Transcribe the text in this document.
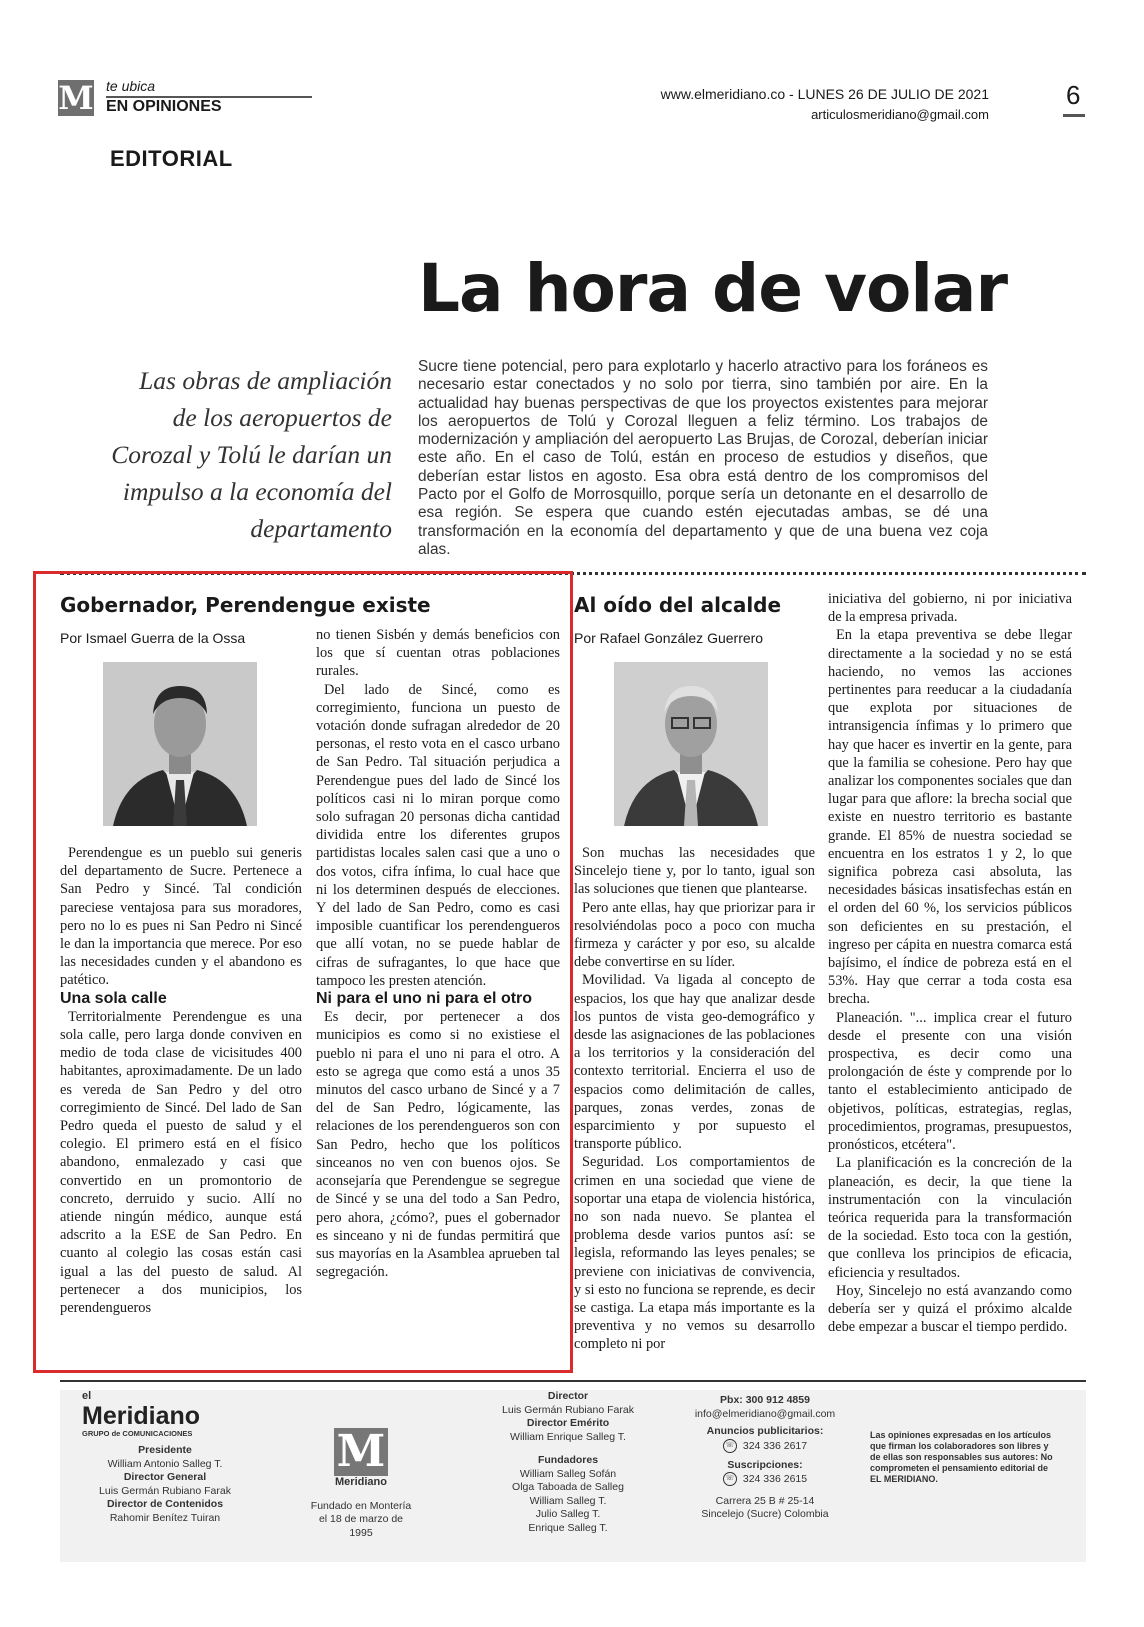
M te ubica
EN OPINIONES
EDITORIAL
www.elmeridiano.co - LUNES 26 DE JULIO DE 2021
articulosmeridiano@gmail.com
6
La hora de volar
Las obras de ampliación de los aeropuertos de Corozal y Tolú le darían un impulso a la economía del departamento
Sucre tiene potencial, pero para explotarlo y hacerlo atractivo para los foráneos es necesario estar conectados y no solo por tierra, sino también por aire. En la actualidad hay buenas perspectivas de que los proyectos existentes para mejorar los aeropuertos de Tolú y Corozal lleguen a feliz término. Los trabajos de modernización y ampliación del aeropuerto Las Brujas, de Corozal, deberían iniciar este año. En el caso de Tolú, están en proceso de estudios y diseños, que deberían estar listos en agosto. Esa obra está dentro de los compromisos del Pacto por el Golfo de Morrosquillo, porque sería un detonante en el desarrollo de esa región. Se espera que cuando estén ejecutadas ambas, se dé una transformación en la economía del departamento y que de una buena vez coja alas.
Gobernador, Perendengue existe
Por Ismael Guerra de la Ossa

Perendengue es un pueblo sui generis del departamento de Sucre. Pertenece a San Pedro y Sincé. Tal condición pareciese ventajosa para sus moradores, pero no lo es pues ni San Pedro ni Sincé le dan la importancia que merece. Por eso las necesidades cunden y el abandono es patético.

Una sola calle

Territorialmente Perendengue es una sola calle, pero larga donde conviven en medio de toda clase de vicisitudes 400 habitantes, aproximadamente. De un lado es vereda de San Pedro y del otro corregimiento de Sincé. Del lado de San Pedro queda el puesto de salud y el colegio. El primero está en el físico abandono, enmalezado y casi que convertido en un promontorio de concreto, derruido y sucio. Allí no atiende ningún médico, aunque está adscrito a la ESE de San Pedro. En cuanto al colegio las cosas están casi igual a las del puesto de salud. Al pertenecer a dos municipios, los perendengueros

no tienen Sisbén y demás beneficios con los que sí cuentan otras poblaciones rurales.

Del lado de Sincé, como es corregimiento, funciona un puesto de votación donde sufragan alrededor de 20 personas, el resto vota en el casco urbano de San Pedro. Tal situación perjudica a Perendengue pues del lado de Sincé los políticos casi ni lo miran porque como solo sufragan 20 personas dicha cantidad dividida entre los diferentes grupos partidistas locales salen casi que a uno o dos votos, cifra ínfima, lo cual hace que ni los determinen después de elecciones. Y del lado de San Pedro, como es casi imposible cuantificar los perendengueros que allí votan, no se puede hablar de cifras de sufragantes, lo que hace que tampoco les presten atención.

Ni para el uno ni para el otro

Es decir, por pertenecer a dos municipios es como si no existiese el pueblo ni para el uno ni para el otro. A esto se agrega que como está a unos 35 minutos del casco urbano de Sincé y a 7 del de San Pedro, lógicamente, las relaciones de los perendengueros son con San Pedro, hecho que los políticos sinceanos no ven con buenos ojos. Se aconsejaría que Perendengue se segregue de Sincé y se una del todo a San Pedro, pero ahora, ¿cómo?, pues el gobernador es sinceano y ni de fundas permitirá que sus mayorías en la Asamblea aprueben tal segregación.

Al oído del alcalde
Por Rafael González Guerrero

Son muchas las necesidades que Sincelejo tiene y, por lo tanto, igual son las soluciones que tienen que plantearse.

Pero ante ellas, hay que priorizar para ir resolviéndolas poco a poco con mucha firmeza y carácter y por eso, su alcalde debe convertirse en su líder.

Movilidad. Va ligada al concepto de espacios, los que hay que analizar desde los puntos de vista geo-demográfico y desde las asignaciones de las poblaciones a los territorios y la consideración del contexto territorial. Encierra el uso de espacios como delimitación de calles, parques, zonas verdes, zonas de esparcimiento y por supuesto el transporte público.

Seguridad. Los comportamientos de crimen en una sociedad que viene de soportar una etapa de violencia histórica, no son nada nuevo. Se plantea el problema desde varios puntos así: se legisla, reformando las leyes penales; se previene con iniciativas de convivencia, y si esto no funciona se reprende, es decir se castiga. La etapa más importante es la preventiva y no vemos su desarrollo completo ni por

iniciativa del gobierno, ni por iniciativa de la empresa privada.

En la etapa preventiva se debe llegar directamente a la sociedad y no se está haciendo, no vemos las acciones pertinentes para reeducar a la ciudadanía que explota por situaciones de intransigencia ínfimas y lo primero que hay que hacer es invertir en la gente, para que la familia se cohesione. Pero hay que analizar los componentes sociales que dan lugar para que aflore: la brecha social que existe en nuestro territorio es bastante grande. El 85% de nuestra sociedad se encuentra en los estratos 1 y 2, lo que significa pobreza casi absoluta, las necesidades básicas insatisfechas están en el orden del 60 %, los servicios públicos son deficientes en su prestación, el ingreso per cápita en nuestra comarca está bajísimo, el índice de pobreza está en el 53%. Hay que cerrar a toda costa esa brecha.

Planeación. "... implica crear el futuro desde el presente con una visión prospectiva, es decir como una prolongación de éste y comprende por lo tanto el establecimiento anticipado de objetivos, políticas, estrategias, reglas, procedimientos, programas, presupuestos, pronósticos, etcétera".

La planificación es la concreción de la planeación, es decir, la que tiene la instrumentación con la vinculación teórica requerida para la transformación de la sociedad. Esto toca con la gestión, que conlleva los principios de eficacia, eficiencia y resultados.

Hoy, Sincelejo no está avanzando como debería ser y quizá el próximo alcalde debe empezar a buscar el tiempo perdido.

el
Meridiano
GRUPO de COMUNICACIONES
Presidente
William Antonio Salleg T.
Director General
Luis Germán Rubiano Farak
Director de Contenidos
Rahomir Benítez Tuiran
M
Meridiano
Fundado en Montería
el 18 de marzo de 1995
Director
Luis Germán Rubiano Farak
Director Emérito
William Enrique Salleg T.
Fundadores
William Salleg Sofán
Olga Taboada de Salleg
William Salleg T.
Julio Salleg T.
Enrique Salleg T.
Pbx: 300 912 4859
info@elmeridiano@gmail.com
Anuncios publicitarios:
☏ 324 336 2617
Suscripciones:
☏ 324 336 2615
Carrera 25 B # 25-14
Sincelejo (Sucre) Colombia
Las opiniones expresadas en los artículos que firman los colaboradores son libres y de ellas son responsables sus autores: No comprometen el pensamiento editorial de EL MERIDIANO.
